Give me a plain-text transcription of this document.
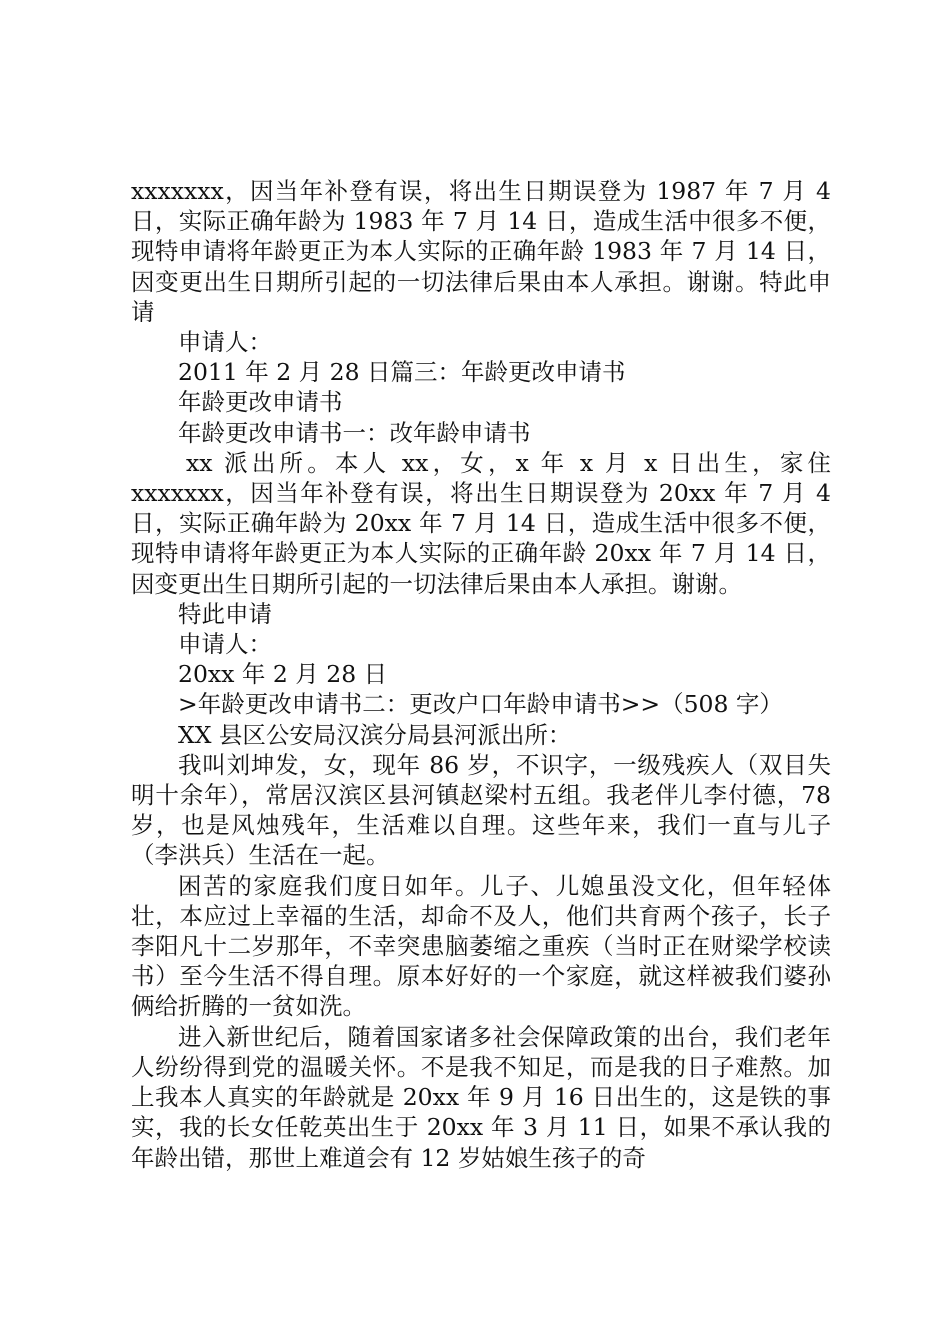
xxxxxxx，因当年补登有误，将出生日期误登为 1987 年 7 月 4 日，实际正确年龄为 1983 年 7 月 14 日，造成生活中很多不便，现特申请将年龄更正为本人实际的正确年龄 1983 年 7 月 14 日，因变更出生日期所引起的一切法律后果由本人承担。谢谢。特此申请

申请人：

2011 年 2 月 28 日篇三：年龄更改申请书

年龄更改申请书

年龄更改申请书一：改年龄申请书

xx 派出所。本人 xx，女，x 年 x 月 x 日出生，家住 xxxxxxx，因当年补登有误，将出生日期误登为 20xx 年 7 月 4 日，实际正确年龄为 20xx 年 7 月 14 日，造成生活中很多不便，现特申请将年龄更正为本人实际的正确年龄 20xx 年 7 月 14 日，因变更出生日期所引起的一切法律后果由本人承担。谢谢。

特此申请

申请人：

20xx 年 2 月 28 日

>年龄更改申请书二：更改户口年龄申请书>>（508 字）

XX 县区公安局汉滨分局县河派出所：

我叫刘坤发，女，现年 86 岁，不识字，一级残疾人（双目失明十余年），常居汉滨区县河镇赵梁村五组。我老伴儿李付德，78 岁，也是风烛残年，生活难以自理。这些年来，我们一直与儿子（李洪兵）生活在一起。

困苦的家庭我们度日如年。儿子、儿媳虽没文化，但年轻体壮，本应过上幸福的生活，却命不及人，他们共育两个孩子，长子李阳凡十二岁那年，不幸突患脑萎缩之重疾（当时正在财梁学校读书）至今生活不得自理。原本好好的一个家庭，就这样被我们婆孙俩给折腾的一贫如洗。

进入新世纪后，随着国家诸多社会保障政策的出台，我们老年人纷纷得到党的温暖关怀。不是我不知足，而是我的日子难熬。加上我本人真实的年龄就是 20xx 年 9 月 16 日出生的，这是铁的事实，我的长女任乾英出生于 20xx 年 3 月 11 日，如果不承认我的年龄出错，那世上难道会有 12 岁姑娘生孩子的奇
